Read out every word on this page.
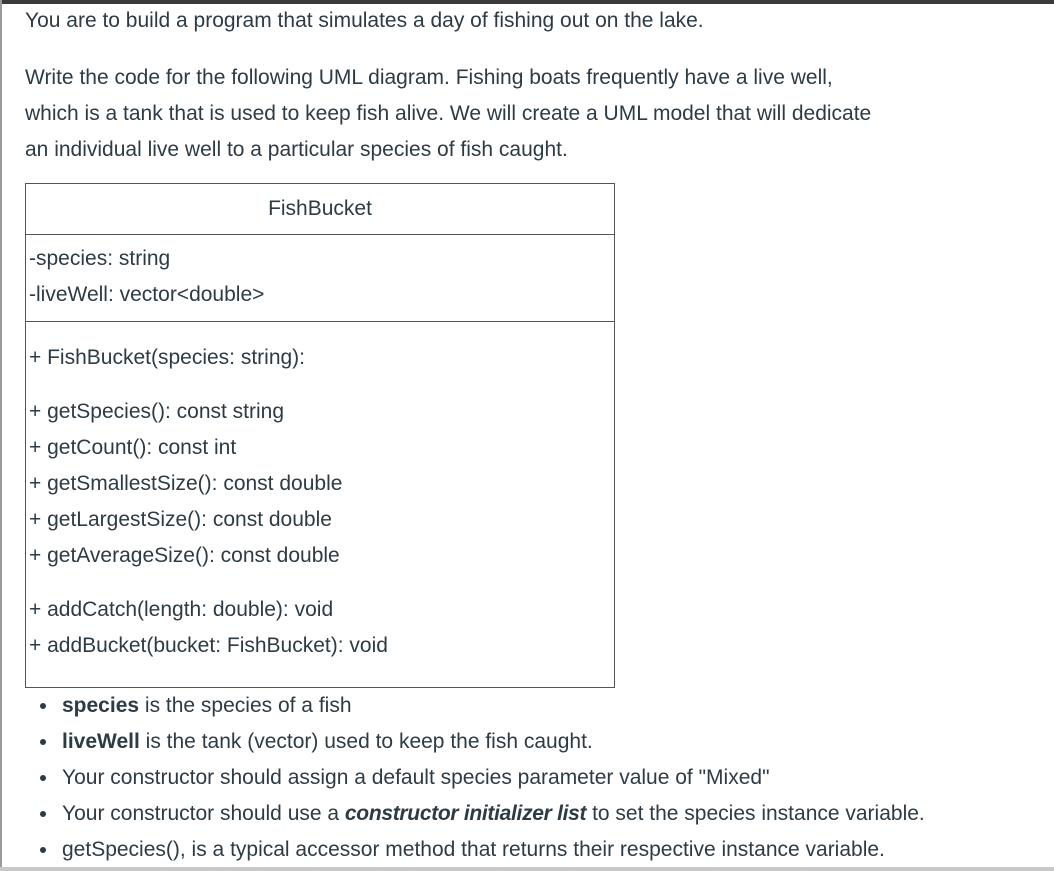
You are to build a program that simulates a day of fishing out on the lake.

Write the code for the following UML diagram. Fishing boats frequently have a live well,
which is a tank that is used to keep fish alive. We will create a UML model that will dedicate
an individual live well to a particular species of fish caught.

FishBucket
-species: string
-liveWell: vector<double>
+ FishBucket(species: string):
+ getSpecies(): const string
+ getCount(): const int
+ getSmallestSize(): const double
+ getLargestSize(): const double
+ getAverageSize(): const double
+ addCatch(length: double): void
+ addBucket(bucket: FishBucket): void
species is the species of a fish
liveWell is the tank (vector) used to keep the fish caught.
Your constructor should assign a default species parameter value of "Mixed"
Your constructor should use a constructor initializer list to set the species instance variable.
getSpecies(), is a typical accessor method that returns their respective instance variable.
